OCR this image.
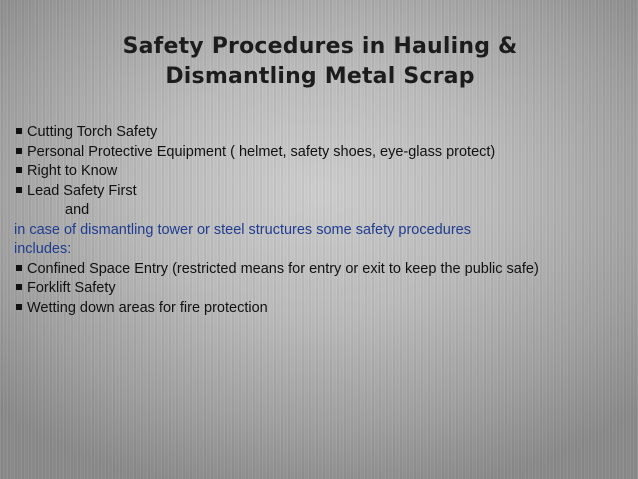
Safety Procedures in Hauling &
Dismantling Metal Scrap
Cutting Torch Safety
Personal Protective Equipment ( helmet, safety shoes, eye-glass protect)
Right to Know
Lead Safety First
and
in case of dismantling tower or steel structures some safety procedures
includes:
Confined Space Entry (restricted means for entry or exit to keep the public safe)
Forklift Safety
Wetting down areas for fire protection
